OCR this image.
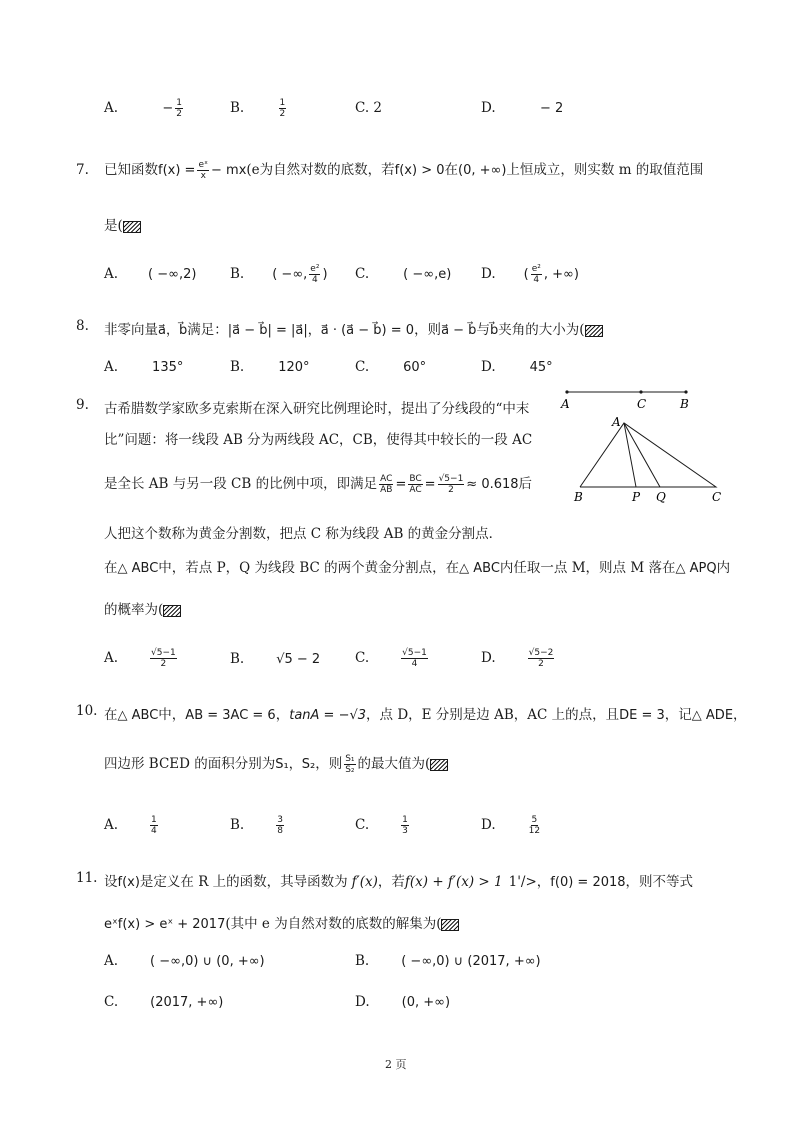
A.	− $\frac{1}{2}$	B.	$\frac{1}{2}$	C. 2	D.	− 2
7. 已知函数$f(x) = \frac{\text{eˣ}}{x} - mx(e$为自然对数的底数，若f(x) > 0在(0, +∞)上恒成立，则实数 m 的取值范围
是(
A. ( −∞,2) B. ( −∞, $\frac{\text{e²}}{4}$ ) C.	( −∞,e) D. ( $\frac{\text{e²}}{4}$ , +∞)
8. 非零向量a⃗，b⃗满足：|a⃗ − b⃗| = |a⃗|，a⃗ · (a⃗ − b⃗) = 0，则a⃗ − b⃗与b⃗夹角的大小为(
A.	135°	B.	120°	C.	60°	D.	45°
9. 古希腊数学家欧多克索斯在深入研究比例理论时，提出了分线段的“中末
比”问题：将一线段 AB 分为两线段 AC，CB，使得其中较长的一段 AC
是全长 AB 与另一段 CB 的比例中项，即满足 $\frac{AC}{AB} = \frac{BC}{AC} = \frac{√5-1}{2} \approx 0.618$后
人把这个数称为黄金分割数，把点 C 称为线段 AB 的黄金分割点．
在△ ABC中，若点 P，Q 为线段 BC 的两个黄金分割点，在△ ABC内任取一点 M，则点 M 落在△ APQ内
的概率为(
A	C	B
A
B	P Q	C
A.	$\frac{√5-1}{2}$	B. √5 − 2	C.	$\frac{√5-1}{4}$	D.	$\frac{√5-2}{2}$
10. 在△ ABC中，AB = 3AC = 6，tanA = −√3，点 D，E 分别是边 AB，AC 上的点，且DE = 3，记△ ADE，
四边形 BCED 的面积分别为S₁，S₂，则 $\frac{\text{S₁}}{\text{S₂}}$ 的最大值为(
A.	$\frac{1}{4}$	B.	$\frac{3}{8}$	C.	$\frac{1}{3}$	D.	$\frac{5}{12}$
11. 设f(x)是定义在 R 上的函数，其导函数为 f′(x)，若f(x) + f′(x) > 1 1'/>，f(0) = 2018，则不等式
eˣf(x) > eˣ + 2017(其中 e 为自然对数的底数的解集为(
A. ( −∞,0) ∪ (0, +∞)	B. ( −∞,0) ∪ (2017, +∞)
C. (2017, +∞)	D. (0, +∞)
2 页
